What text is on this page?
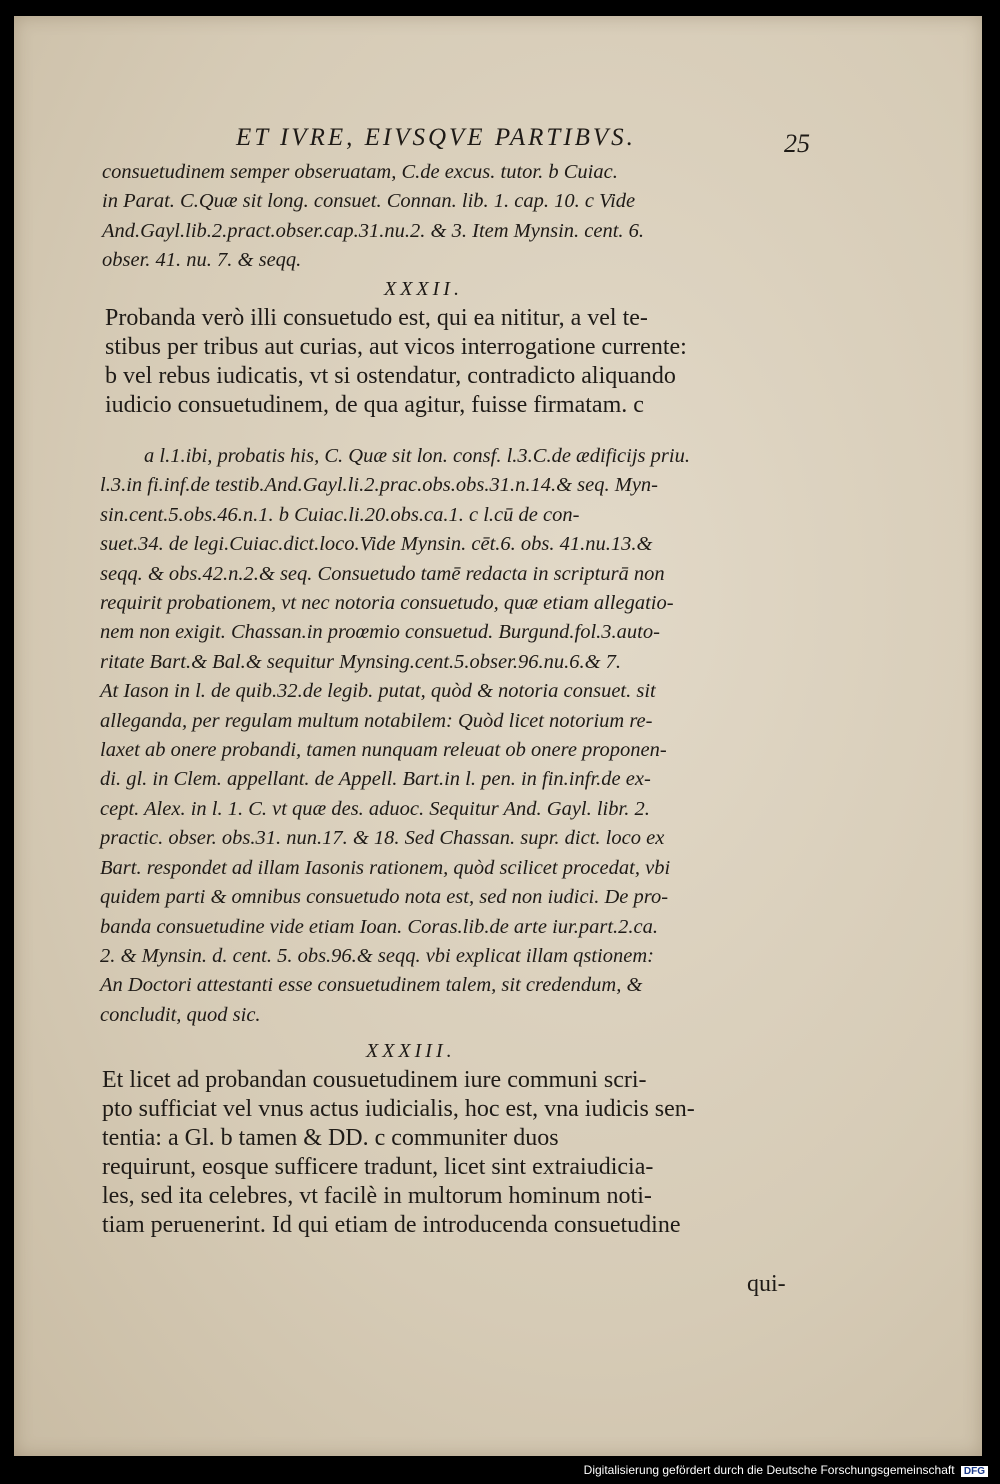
ET IVRE, EIVSQVE PARTIBVS.	25
consuetudinem semper obseruatam, C.de excus. tutor. b Cuiac.
in Parat. C.Quæ sit long. consuet. Connan. lib. 1. cap. 10. c Vide
And.Gayl.lib.2.pract.obser.cap.31.nu.2. & 3. Item Mynsin. cent. 6.
obser. 41. nu. 7. & seqq.
XXXII.
Probanda verò illi consuetudo est, qui ea nititur, a vel te-
stibus per tribus aut curias, aut vicos interrogatione currente:
b vel rebus iudicatis, vt si ostendatur, contradicto aliquando
iudicio consuetudinem, de qua agitur, fuisse firmatam. c
a l.1.ibi, probatis his, C. Quæ sit lon. consf. l.3.C.de ædificijs priu.
l.3.in fi.inf.de testib.And.Gayl.li.2.prac.obs.obs.31.n.14.& seq. Myn-
sin.cent.5.obs.46.n.1. b Cuiac.li.20.obs.ca.1. c l.cū de con-
suet.34. de legi.Cuiac.dict.loco.Vide Mynsin. cēt.6. obs. 41.nu.13.&
seqq. & obs.42.n.2.& seq. Consuetudo tamē redacta in scripturā non
requirit probationem, vt nec notoria consuetudo, quæ etiam allegatio-
nem non exigit. Chassan.in proœmio consuetud. Burgund.fol.3.auto-
ritate Bart.& Bal.& sequitur Mynsing.cent.5.obser.96.nu.6.& 7.
At Iason in l. de quib.32.de legib. putat, quòd & notoria consuet. sit
alleganda, per regulam multum notabilem: Quòd licet notorium re-
laxet ab onere probandi, tamen nunquam releuat ob onere proponen-
di. gl. in Clem. appellant. de Appell. Bart.in l. pen. in fin.infr.de ex-
cept. Alex. in l. 1. C. vt quæ des. aduoc. Sequitur And. Gayl. libr. 2.
practic. obser. obs.31. nun.17. & 18. Sed Chassan. supr. dict. loco ex
Bart. respondet ad illam Iasonis rationem, quòd scilicet procedat, vbi
quidem parti & omnibus consuetudo nota est, sed non iudici. De pro-
banda consuetudine vide etiam Ioan. Coras.lib.de arte iur.part.2.ca.
2. & Mynsin. d. cent. 5. obs.96.& seqq. vbi explicat illam qstionem:
An Doctori attestanti esse consuetudinem talem, sit credendum, &
concludit, quod sic.
XXXIII.
Et licet ad probandan cousuetudinem iure communi scri-
pto sufficiat vel vnus actus iudicialis, hoc est, vna iudicis sen-
tentia: a Gl. b tamen & DD. c communiter duos
requirunt, eosque sufficere tradunt, licet sint extraiudicia-
les, sed ita celebres, vt facilè in multorum hominum noti-
tiam peruenerint. Id qui etiam de introducenda consuetudine
qui-
Digitalisierung gefördert durch die Deutsche Forschungsgemeinschaft DFG
